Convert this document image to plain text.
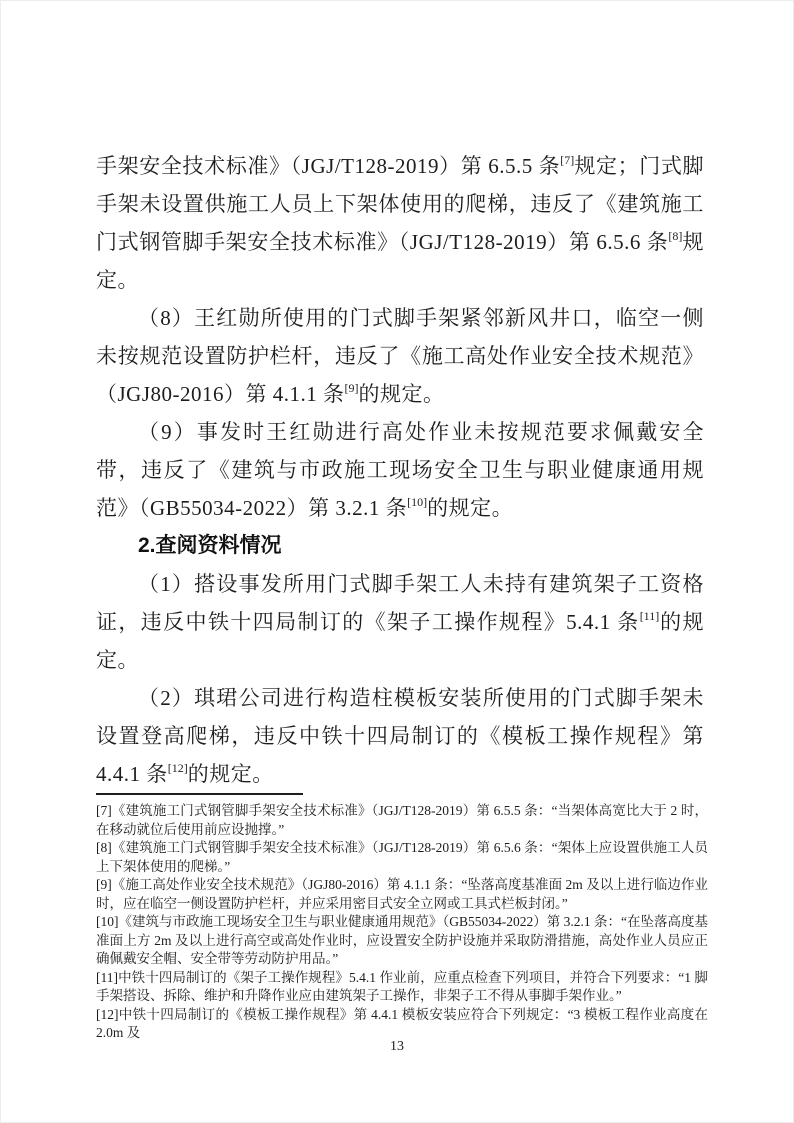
手架安全技术标准》（JGJ/T128-2019）第 6.5.5 条[7]规定；门式脚手架未设置供施工人员上下架体使用的爬梯，违反了《建筑施工门式钢管脚手架安全技术标准》（JGJ/T128-2019）第 6.5.6 条[8]规定。

（8）王红勋所使用的门式脚手架紧邻新风井口，临空一侧未按规范设置防护栏杆，违反了《施工高处作业安全技术规范》（JGJ80-2016）第 4.1.1 条[9]的规定。

（9）事发时王红勋进行高处作业未按规范要求佩戴安全带，违反了《建筑与市政施工现场安全卫生与职业健康通用规范》（GB55034-2022）第 3.2.1 条[10]的规定。

2.查阅资料情况

（1）搭设事发所用门式脚手架工人未持有建筑架子工资格证，违反中铁十四局制订的《架子工操作规程》5.4.1 条[11]的规定。

（2）琪珺公司进行构造柱模板安装所使用的门式脚手架未设置登高爬梯，违反中铁十四局制订的《模板工操作规程》第 4.4.1 条[12]的规定。

[7]《建筑施工门式钢管脚手架安全技术标准》（JGJ/T128-2019）第 6.5.5 条：“当架体高宽比大于 2 时，在移动就位后使用前应设抛撑。”

[8]《建筑施工门式钢管脚手架安全技术标准》（JGJ/T128-2019）第 6.5.6 条：“架体上应设置供施工人员上下架体使用的爬梯。”

[9]《施工高处作业安全技术规范》（JGJ80-2016）第 4.1.1 条：“坠落高度基准面 2m 及以上进行临边作业时，应在临空一侧设置防护栏杆，并应采用密目式安全立网或工具式栏板封闭。”

[10]《建筑与市政施工现场安全卫生与职业健康通用规范》（GB55034-2022）第 3.2.1 条：“在坠落高度基准面上方 2m 及以上进行高空或高处作业时，应设置安全防护设施并采取防滑措施，高处作业人员应正确佩戴安全帽、安全带等劳动防护用品。”

[11]中铁十四局制订的《架子工操作规程》5.4.1 作业前，应重点检查下列项目，并符合下列要求：“1 脚手架搭设、拆除、维护和升降作业应由建筑架子工操作，非架子工不得从事脚手架作业。”

[12]中铁十四局制订的《模板工操作规程》第 4.4.1 模板安装应符合下列规定：“3 模板工程作业高度在 2.0m 及

13
